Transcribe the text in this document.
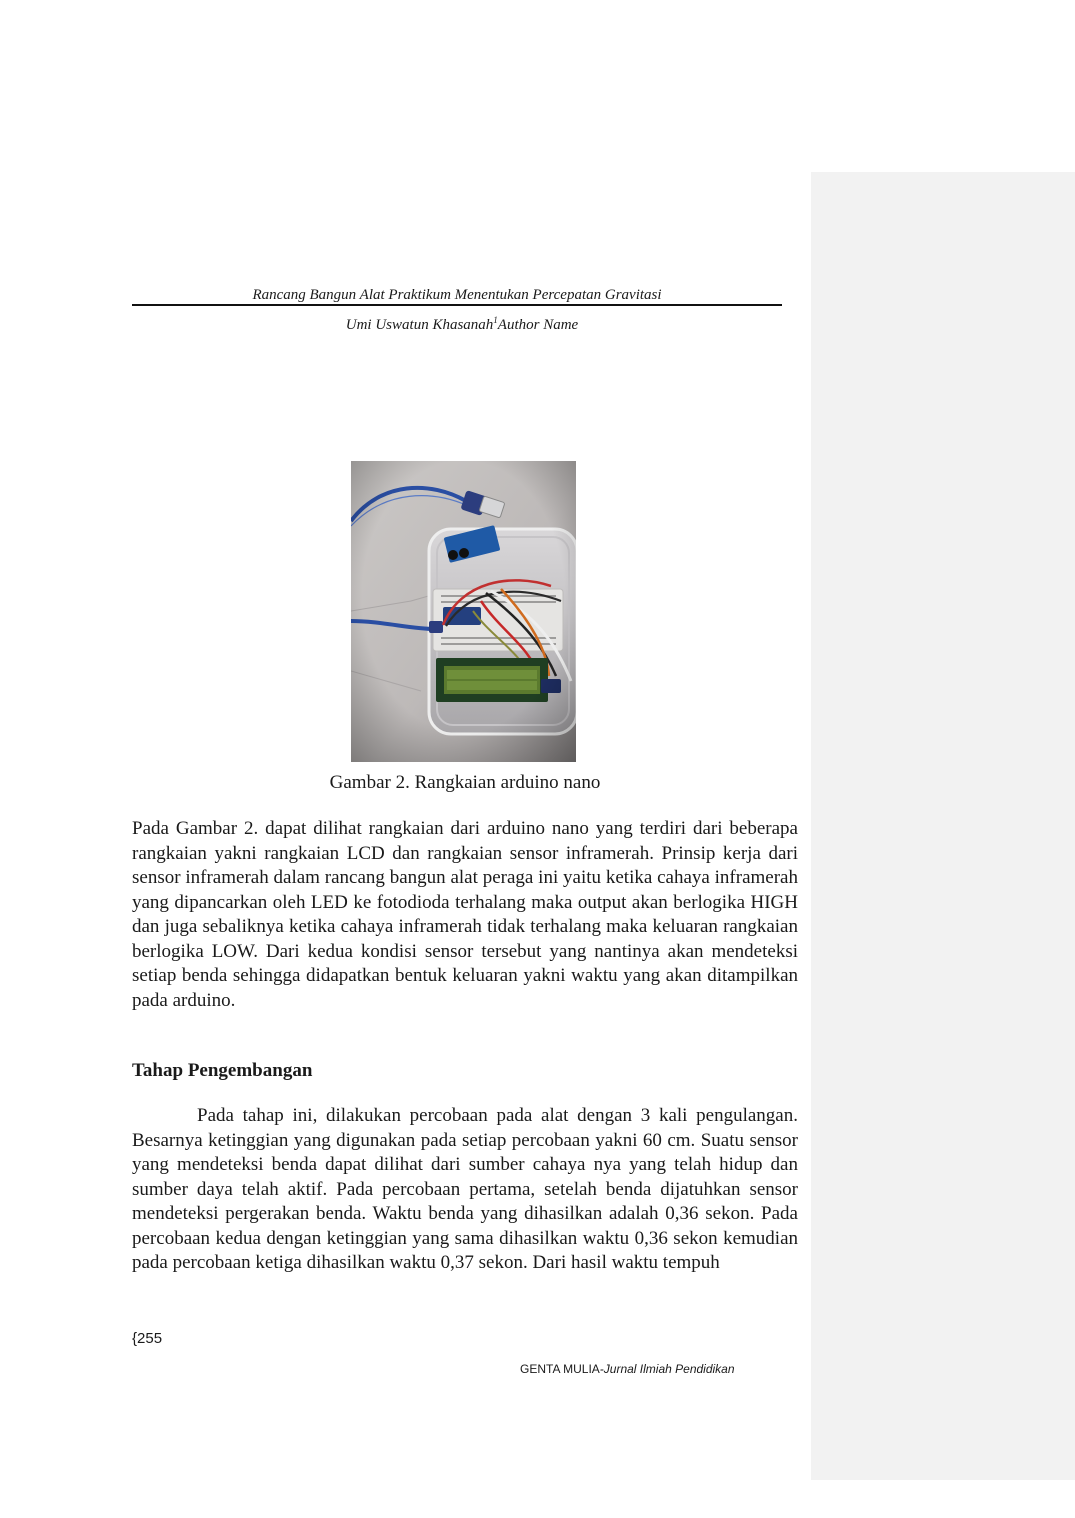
Rancang Bangun Alat Praktikum Menentukan Percepatan Gravitasi
Umi Uswatun Khasanah$^1$Author Name
Gambar 2. Rangkaian arduino nano

Pada Gambar 2. dapat dilihat rangkaian dari arduino nano yang terdiri dari beberapa rangkaian yakni rangkaian LCD dan rangkaian sensor inframerah. Prinsip kerja dari sensor inframerah dalam rancang bangun alat peraga ini yaitu ketika cahaya inframerah yang dipancarkan oleh LED ke fotodioda terhalang maka output akan berlogika HIGH dan juga sebaliknya ketika cahaya inframerah tidak terhalang maka keluaran rangkaian berlogika LOW. Dari kedua kondisi sensor tersebut yang nantinya akan mendeteksi setiap benda sehingga didapatkan bentuk keluaran yakni waktu yang akan ditampilkan pada arduino.

Tahap Pengembangan

Pada tahap ini, dilakukan percobaan pada alat dengan 3 kali pengulangan. Besarnya ketinggian yang digunakan pada setiap percobaan yakni 60 cm. Suatu sensor yang mendeteksi benda dapat dilihat dari sumber cahaya nya yang telah hidup dan sumber daya telah aktif. Pada percobaan pertama, setelah benda dijatuhkan sensor mendeteksi pergerakan benda. Waktu benda yang dihasilkan adalah 0,36 sekon. Pada percobaan kedua dengan ketinggian yang sama dihasilkan waktu 0,36 sekon kemudian pada percobaan ketiga dihasilkan waktu 0,37 sekon. Dari hasil waktu tempuh

{255
GENTA MULIA-Jurnal Ilmiah Pendidikan
